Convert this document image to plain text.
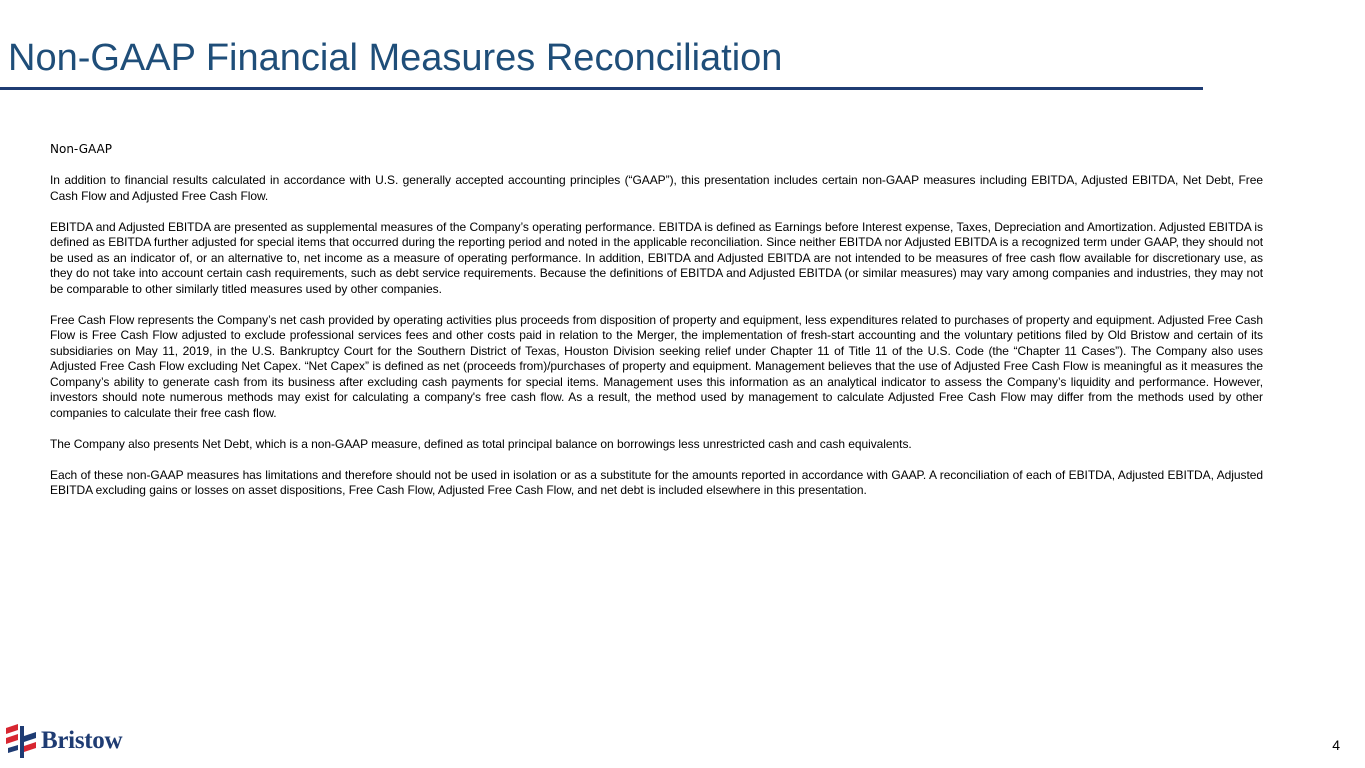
Non-GAAP Financial Measures Reconciliation
Non-GAAP

In addition to financial results calculated in accordance with U.S. generally accepted accounting principles (“GAAP”), this presentation includes certain non-GAAP measures including EBITDA, Adjusted EBITDA, Net Debt, Free Cash Flow and Adjusted Free Cash Flow.

EBITDA and Adjusted EBITDA are presented as supplemental measures of the Company’s operating performance. EBITDA is defined as Earnings before Interest expense, Taxes, Depreciation and Amortization. Adjusted EBITDA is defined as EBITDA further adjusted for special items that occurred during the reporting period and noted in the applicable reconciliation. Since neither EBITDA nor Adjusted EBITDA is a recognized term under GAAP, they should not be used as an indicator of, or an alternative to, net income as a measure of operating performance. In addition, EBITDA and Adjusted EBITDA are not intended to be measures of free cash flow available for discretionary use, as they do not take into account certain cash requirements, such as debt service requirements. Because the definitions of EBITDA and Adjusted EBITDA (or similar measures) may vary among companies and industries, they may not be comparable to other similarly titled measures used by other companies.

Free Cash Flow represents the Company’s net cash provided by operating activities plus proceeds from disposition of property and equipment, less expenditures related to purchases of property and equipment. Adjusted Free Cash Flow is Free Cash Flow adjusted to exclude professional services fees and other costs paid in relation to the Merger, the implementation of fresh-start accounting and the voluntary petitions filed by Old Bristow and certain of its subsidiaries on May 11, 2019, in the U.S. Bankruptcy Court for the Southern District of Texas, Houston Division seeking relief under Chapter 11 of Title 11 of the U.S. Code (the “Chapter 11 Cases”). The Company also uses Adjusted Free Cash Flow excluding Net Capex. “Net Capex” is defined as net (proceeds from)/purchases of property and equipment. Management believes that the use of Adjusted Free Cash Flow is meaningful as it measures the Company’s ability to generate cash from its business after excluding cash payments for special items. Management uses this information as an analytical indicator to assess the Company’s liquidity and performance. However, investors should note numerous methods may exist for calculating a company's free cash flow. As a result, the method used by management to calculate Adjusted Free Cash Flow may differ from the methods used by other companies to calculate their free cash flow.

The Company also presents Net Debt, which is a non-GAAP measure, defined as total principal balance on borrowings less unrestricted cash and cash equivalents.

Each of these non-GAAP measures has limitations and therefore should not be used in isolation or as a substitute for the amounts reported in accordance with GAAP. A reconciliation of each of EBITDA, Adjusted EBITDA, Adjusted EBITDA excluding gains or losses on asset dispositions, Free Cash Flow, Adjusted Free Cash Flow, and net debt is included elsewhere in this presentation.

Bristow	4
